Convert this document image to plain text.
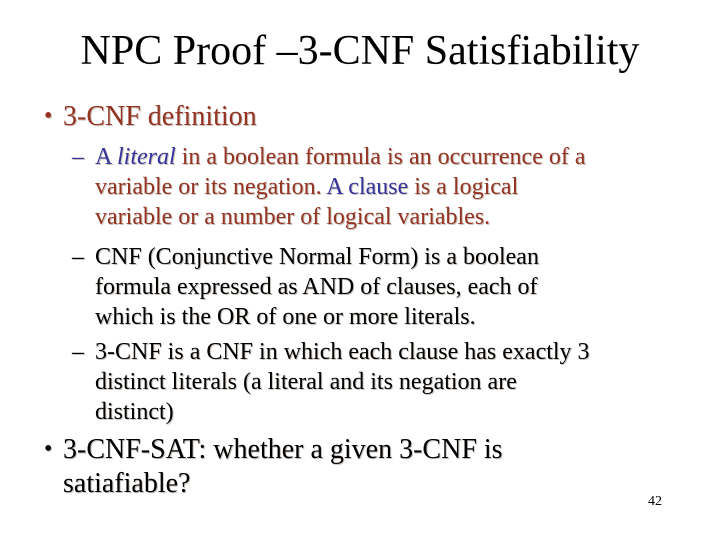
NPC Proof –3-CNF Satisfiability
• 3-CNF definition

– A literal in a boolean formula is an occurrence of a
variable or its negation. A clause is a logical
variable or a number of logical variables.

– CNF (Conjunctive Normal Form) is a boolean
formula expressed as AND of clauses, each of
which is the OR of one or more literals.

– 3-CNF is a CNF in which each clause has exactly 3
distinct literals (a literal and its negation are
distinct)

• 3-CNF-SAT: whether a given 3-CNF is
satiafiable?

42
